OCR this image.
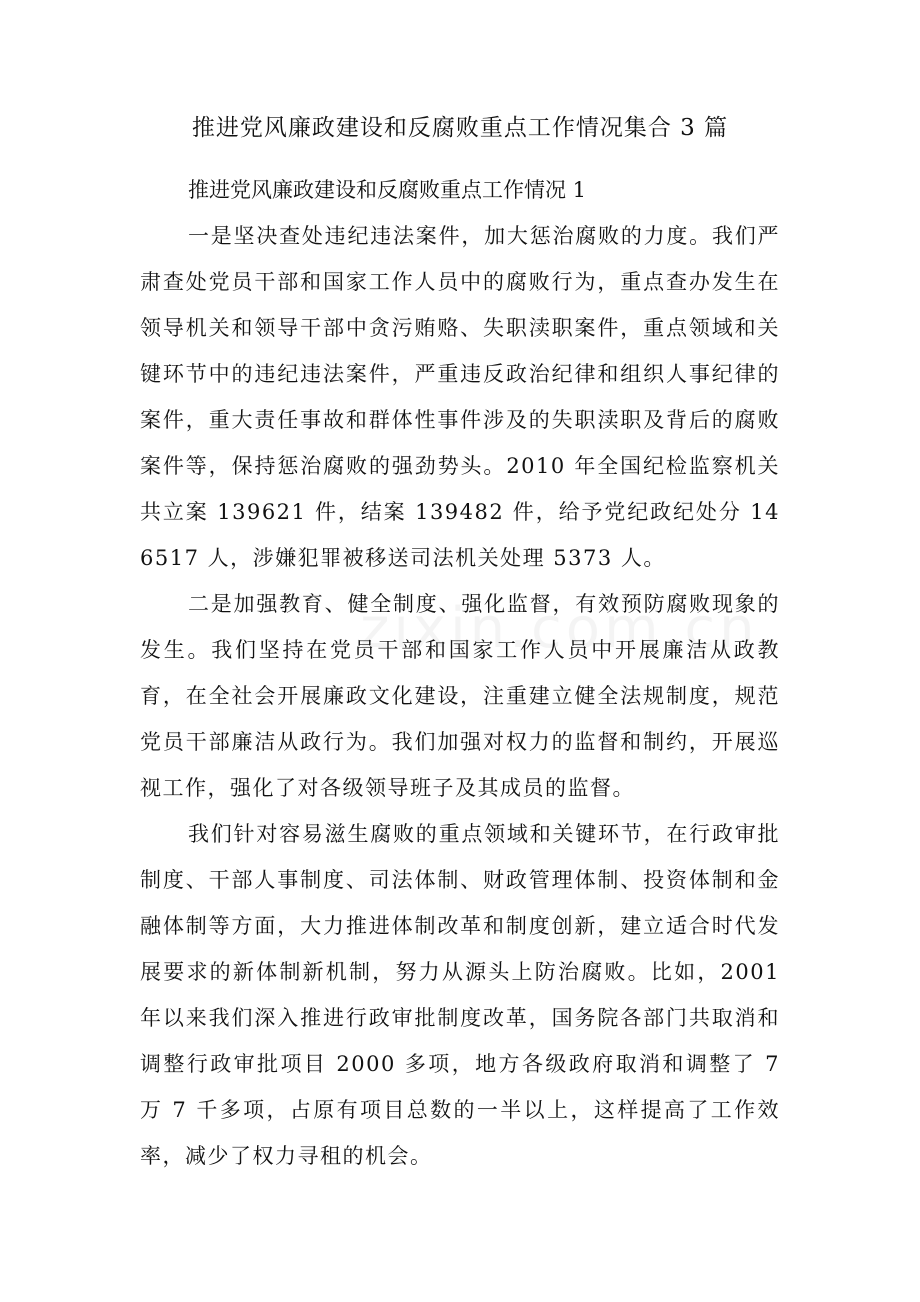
推进党风廉政建设和反腐败重点工作情况集合 3 篇

推进党风廉政建设和反腐败重点工作情况 1

一是坚决查处违纪违法案件，加大惩治腐败的力度。我们严肃查处党员干部和国家工作人员中的腐败行为，重点查办发生在领导机关和领导干部中贪污贿赂、失职渎职案件，重点领域和关键环节中的违纪违法案件，严重违反政治纪律和组织人事纪律的案件，重大责任事故和群体性事件涉及的失职渎职及背后的腐败案件等，保持惩治腐败的强劲势头。2010 年全国纪检监察机关共立案 139621 件，结案 139482 件，给予党纪政纪处分 146517 人，涉嫌犯罪被移送司法机关处理 5373 人。

二是加强教育、健全制度、强化监督，有效预防腐败现象的发生。我们坚持在党员干部和国家工作人员中开展廉洁从政教育，在全社会开展廉政文化建设，注重建立健全法规制度，规范党员干部廉洁从政行为。我们加强对权力的监督和制约，开展巡视工作，强化了对各级领导班子及其成员的监督。

我们针对容易滋生腐败的重点领域和关键环节，在行政审批制度、干部人事制度、司法体制、财政管理体制、投资体制和金融体制等方面，大力推进体制改革和制度创新，建立适合时代发展要求的新体制新机制，努力从源头上防治腐败。比如，2001 年以来我们深入推进行政审批制度改革，国务院各部门共取消和调整行政审批项目 2000 多项，地方各级政府取消和调整了 7 万 7 千多项，占原有项目总数的一半以上，这样提高了工作效率，减少了权力寻租的机会。
